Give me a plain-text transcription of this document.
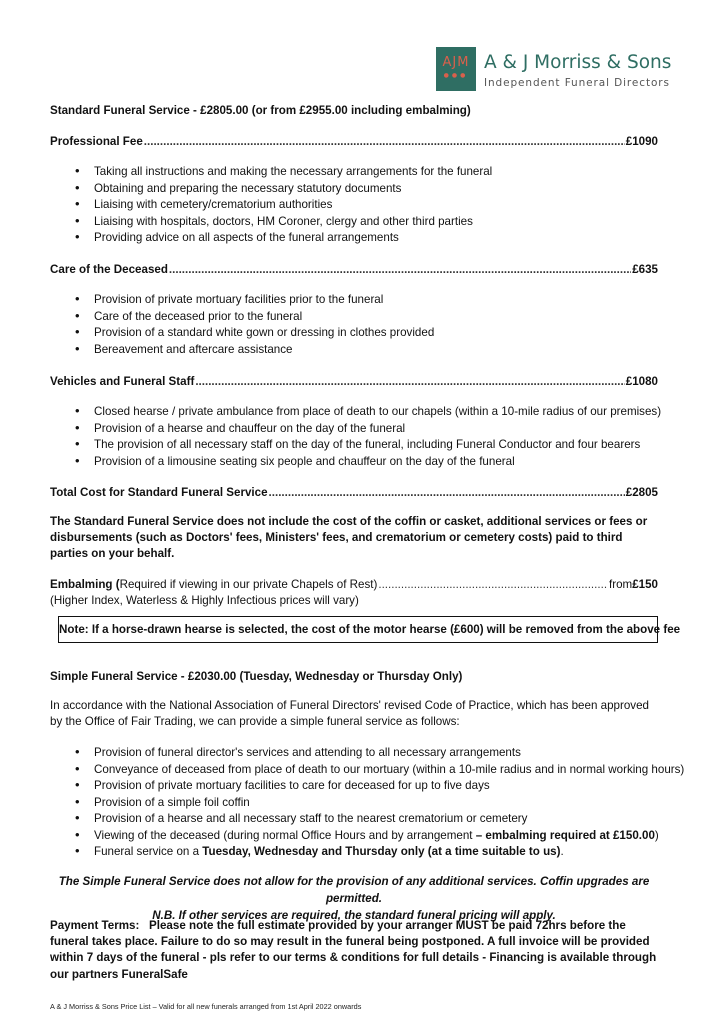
AJM
●●●
A & J Morriss & Sons
Independent Funeral Directors
Standard Funeral Service - £2805.00 (or from £2955.00 including embalming)
Professional Fee .....	£1090
• Taking all instructions and making the necessary arrangements for the funeral
• Obtaining and preparing the necessary statutory documents
• Liaising with cemetery/crematorium authorities
• Liaising with hospitals, doctors, HM Coroner, clergy and other third parties
• Providing advice on all aspects of the funeral arrangements
Care of the Deceased .....	£635
• Provision of private mortuary facilities prior to the funeral
• Care of the deceased prior to the funeral
• Provision of a standard white gown or dressing in clothes provided
• Bereavement and aftercare assistance
Vehicles and Funeral Staff .....	£1080
• Closed hearse / private ambulance from place of death to our chapels (within a 10-mile radius of our premises)
• Provision of a hearse and chauffeur on the day of the funeral
• The provision of all necessary staff on the day of the funeral, including Funeral Conductor and four bearers
• Provision of a limousine seating six people and chauffeur on the day of the funeral
Total Cost for Standard Funeral Service .....	£2805
The Standard Funeral Service does not include the cost of the coffin or casket, additional services or fees or disbursements (such as Doctors' fees, Ministers' fees, and crematorium or cemetery costs) paid to third parties on your behalf.
Embalming ( Required if viewing in our private Chapels of Rest) .....	from £150
(Higher Index, Waterless & Highly Infectious prices will vary)
Note: If a horse-drawn hearse is selected, the cost of the motor hearse (£600) will be removed from the above fee
Simple Funeral Service - £2030.00 (Tuesday, Wednesday or Thursday Only)
In accordance with the National Association of Funeral Directors' revised Code of Practice, which has been approved by the Office of Fair Trading, we can provide a simple funeral service as follows:
• Provision of funeral director's services and attending to all necessary arrangements
• Conveyance of deceased from place of death to our mortuary (within a 10-mile radius and in normal working hours)
• Provision of private mortuary facilities to care for deceased for up to five days
• Provision of a simple foil coffin
• Provision of a hearse and all necessary staff to the nearest crematorium or cemetery
• Viewing of the deceased (during normal Office Hours and by arrangement – embalming required at £150.00)
• Funeral service on a Tuesday, Wednesday and Thursday only (at a time suitable to us).
The Simple Funeral Service does not allow for the provision of any additional services. Coffin upgrades are permitted.
N.B. If other services are required, the standard funeral pricing will apply.
Payment Terms: Please note the full estimate provided by your arranger MUST be paid 72hrs before the funeral takes place. Failure to do so may result in the funeral being postponed. A full invoice will be provided within 7 days of the funeral - pls refer to our terms & conditions for full details - Financing is available through our partners FuneralSafe
A & J Morriss & Sons Price List – Valid for all new funerals arranged from 1st April 2022 onwards
